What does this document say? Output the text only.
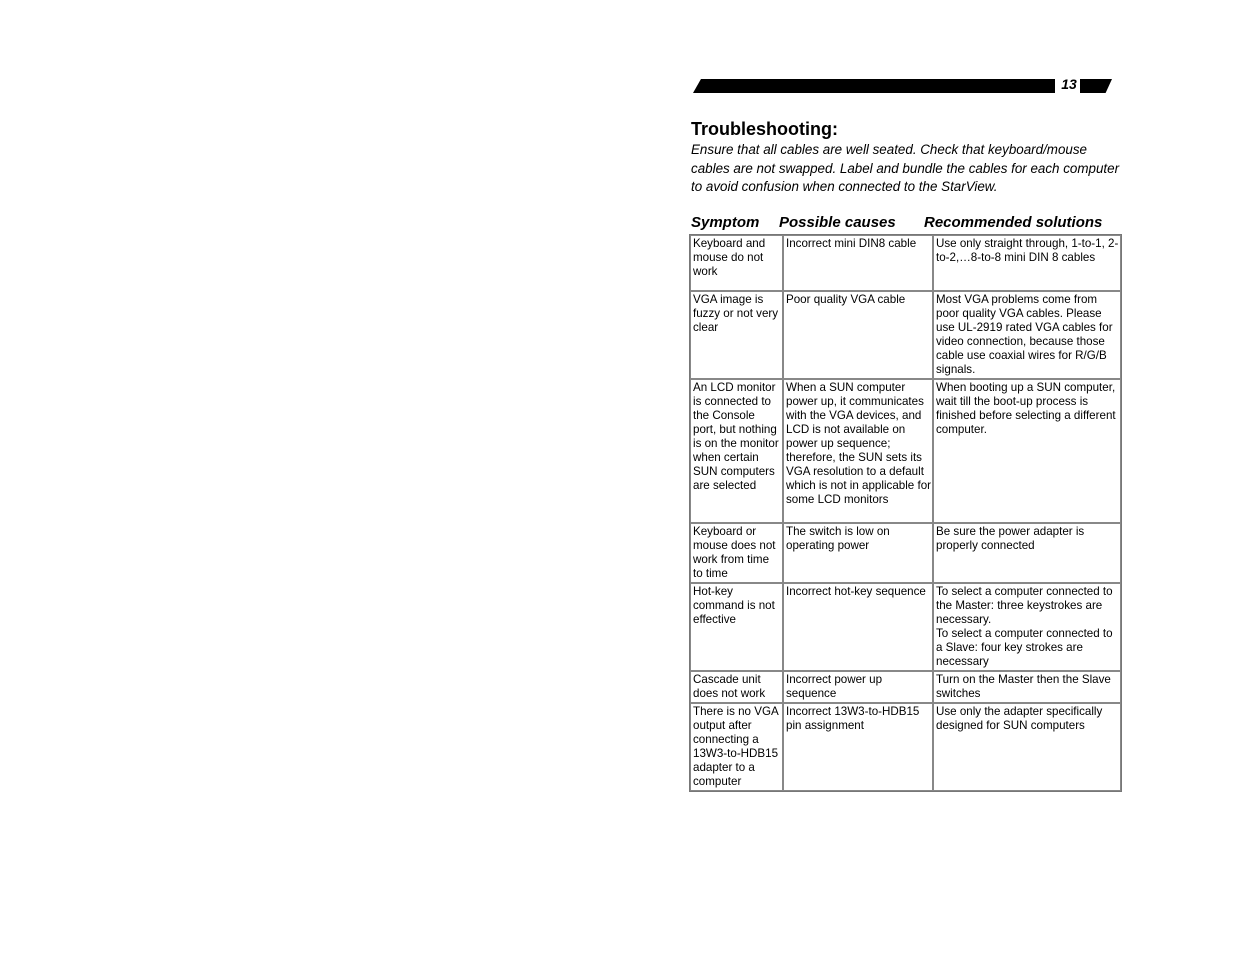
13
Troubleshooting:

Ensure that all cables are well seated. Check that keyboard/mouse cables are not swapped. Label and bundle the cables for each computer to avoid confusion when connected to the StarView.

Symptom Possible causes Recommended solutions
Keyboard and mouse do not work	Incorrect mini DIN8 cable	Use only straight through, 1-to-1, 2-to-2,…8-to-8 mini DIN 8 cables
VGA image is fuzzy or not very clear	Poor quality VGA cable	Most VGA problems come from poor quality VGA cables. Please use UL-2919 rated VGA cables for video connection, because those cable use coaxial wires for R/G/B signals.
An LCD monitor is connected to the Console port, but nothing is on the monitor when certain SUN computers are selected	When a SUN computer power up, it communicates with the VGA devices, and LCD is not available on power up sequence; therefore, the SUN sets its VGA resolution to a default which is not in applicable for some LCD monitors	When booting up a SUN computer, wait till the boot-up process is finished before selecting a different computer.
Keyboard or mouse does not work from time to time	The switch is low on operating power	Be sure the power adapter is properly connected
Hot-key command is not effective	Incorrect hot-key sequence	To select a computer connected to the Master: three keystrokes are necessary.
To select a computer connected to a Slave: four key strokes are necessary
Cascade unit does not work	Incorrect power up sequence	Turn on the Master then the Slave switches
There is no VGA output after connecting a 13W3-to-HDB15 adapter to a computer	Incorrect 13W3-to-HDB15 pin assignment	Use only the adapter specifically designed for SUN computers
